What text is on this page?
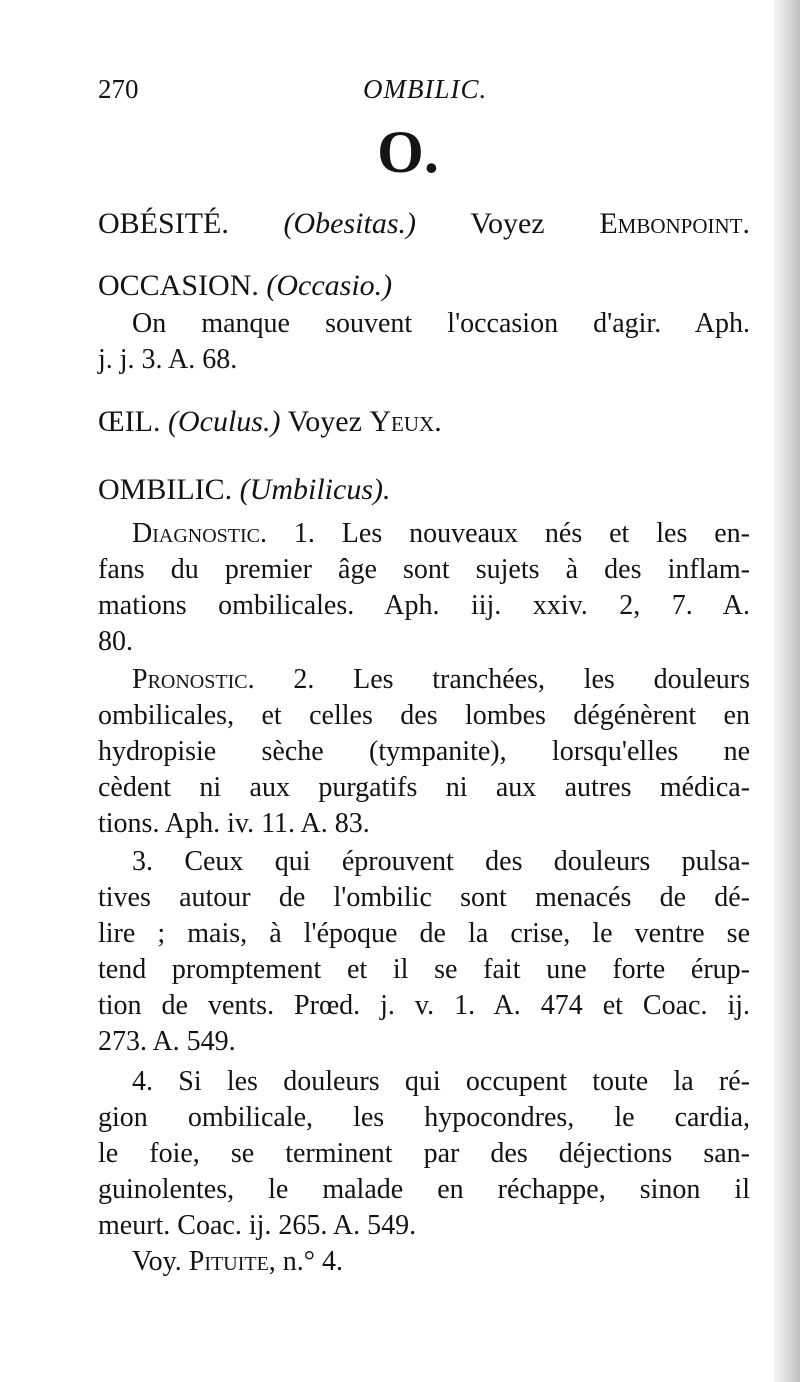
270	OMBILIC.
O.
OBÉSITÉ. (Obesitas.) Voyez Embonpoint.
OCCASION. (Occasio.)
On manque souvent l'occasion d'agir. Aph.
j. j. 3. A. 68.
ŒIL. (Oculus.) Voyez Yeux.
OMBILIC. (Umbilicus).
Diagnostic. 1. Les nouveaux nés et les en-
fans du premier âge sont sujets à des inflam-
mations ombilicales. Aph. iij. xxiv. 2, 7. A.
80.
Pronostic. 2. Les tranchées, les douleurs
ombilicales, et celles des lombes dégénèrent en
hydropisie sèche (tympanite), lorsqu'elles ne
cèdent ni aux purgatifs ni aux autres médica-
tions. Aph. iv. 11. A. 83.
3. Ceux qui éprouvent des douleurs pulsa-
tives autour de l'ombilic sont menacés de dé-
lire ; mais, à l'époque de la crise, le ventre se
tend promptement et il se fait une forte érup-
tion de vents. Prœd. j. v. 1. A. 474 et Coac. ij.
273. A. 549.
4. Si les douleurs qui occupent toute la ré-
gion ombilicale, les hypocondres, le cardia,
le foie, se terminent par des déjections san-
guinolentes, le malade en réchappe, sinon il
meurt. Coac. ij. 265. A. 549.
Voy. Pituite, n.° 4.
